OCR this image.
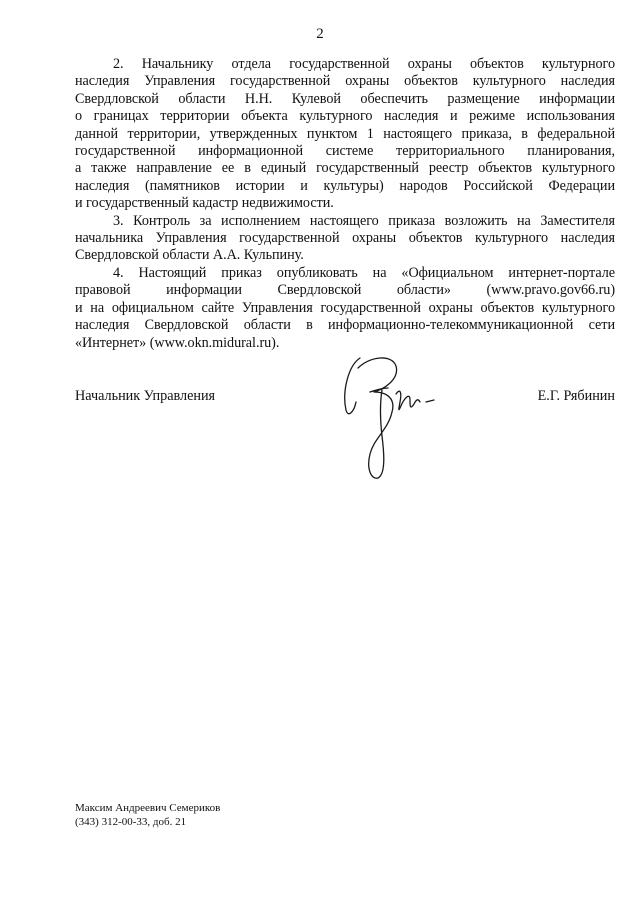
2

2. Начальнику отдела государственной охраны объектов культурного
наследия Управления государственной охраны объектов культурного наследия
Свердловской области Н.Н. Кулевой обеспечить размещение информации
о границах территории объекта культурного наследия и режиме использования
данной территории, утвержденных пунктом 1 настоящего приказа, в федеральной
государственной информационной системе территориального планирования,
а также направление ее в единый государственный реестр объектов культурного
наследия (памятников истории и культуры) народов Российской Федерации
и государственный кадастр недвижимости.

3. Контроль за исполнением настоящего приказа возложить на Заместителя
начальника Управления государственной охраны объектов культурного наследия
Свердловской области А.А. Кульпину.

4. Настоящий приказ опубликовать на «Официальном интернет-портале
правовой информации Свердловской области» (www.pravo.gov66.ru)
и на официальном сайте Управления государственной охраны объектов культурного
наследия Свердловской области в информационно-телекоммуникационной сети
«Интернет» (www.okn.midural.ru).

Начальник Управления	Е.Г. Рябинин
Максим Андреевич Семериков
(343) 312-00-33, доб. 21
